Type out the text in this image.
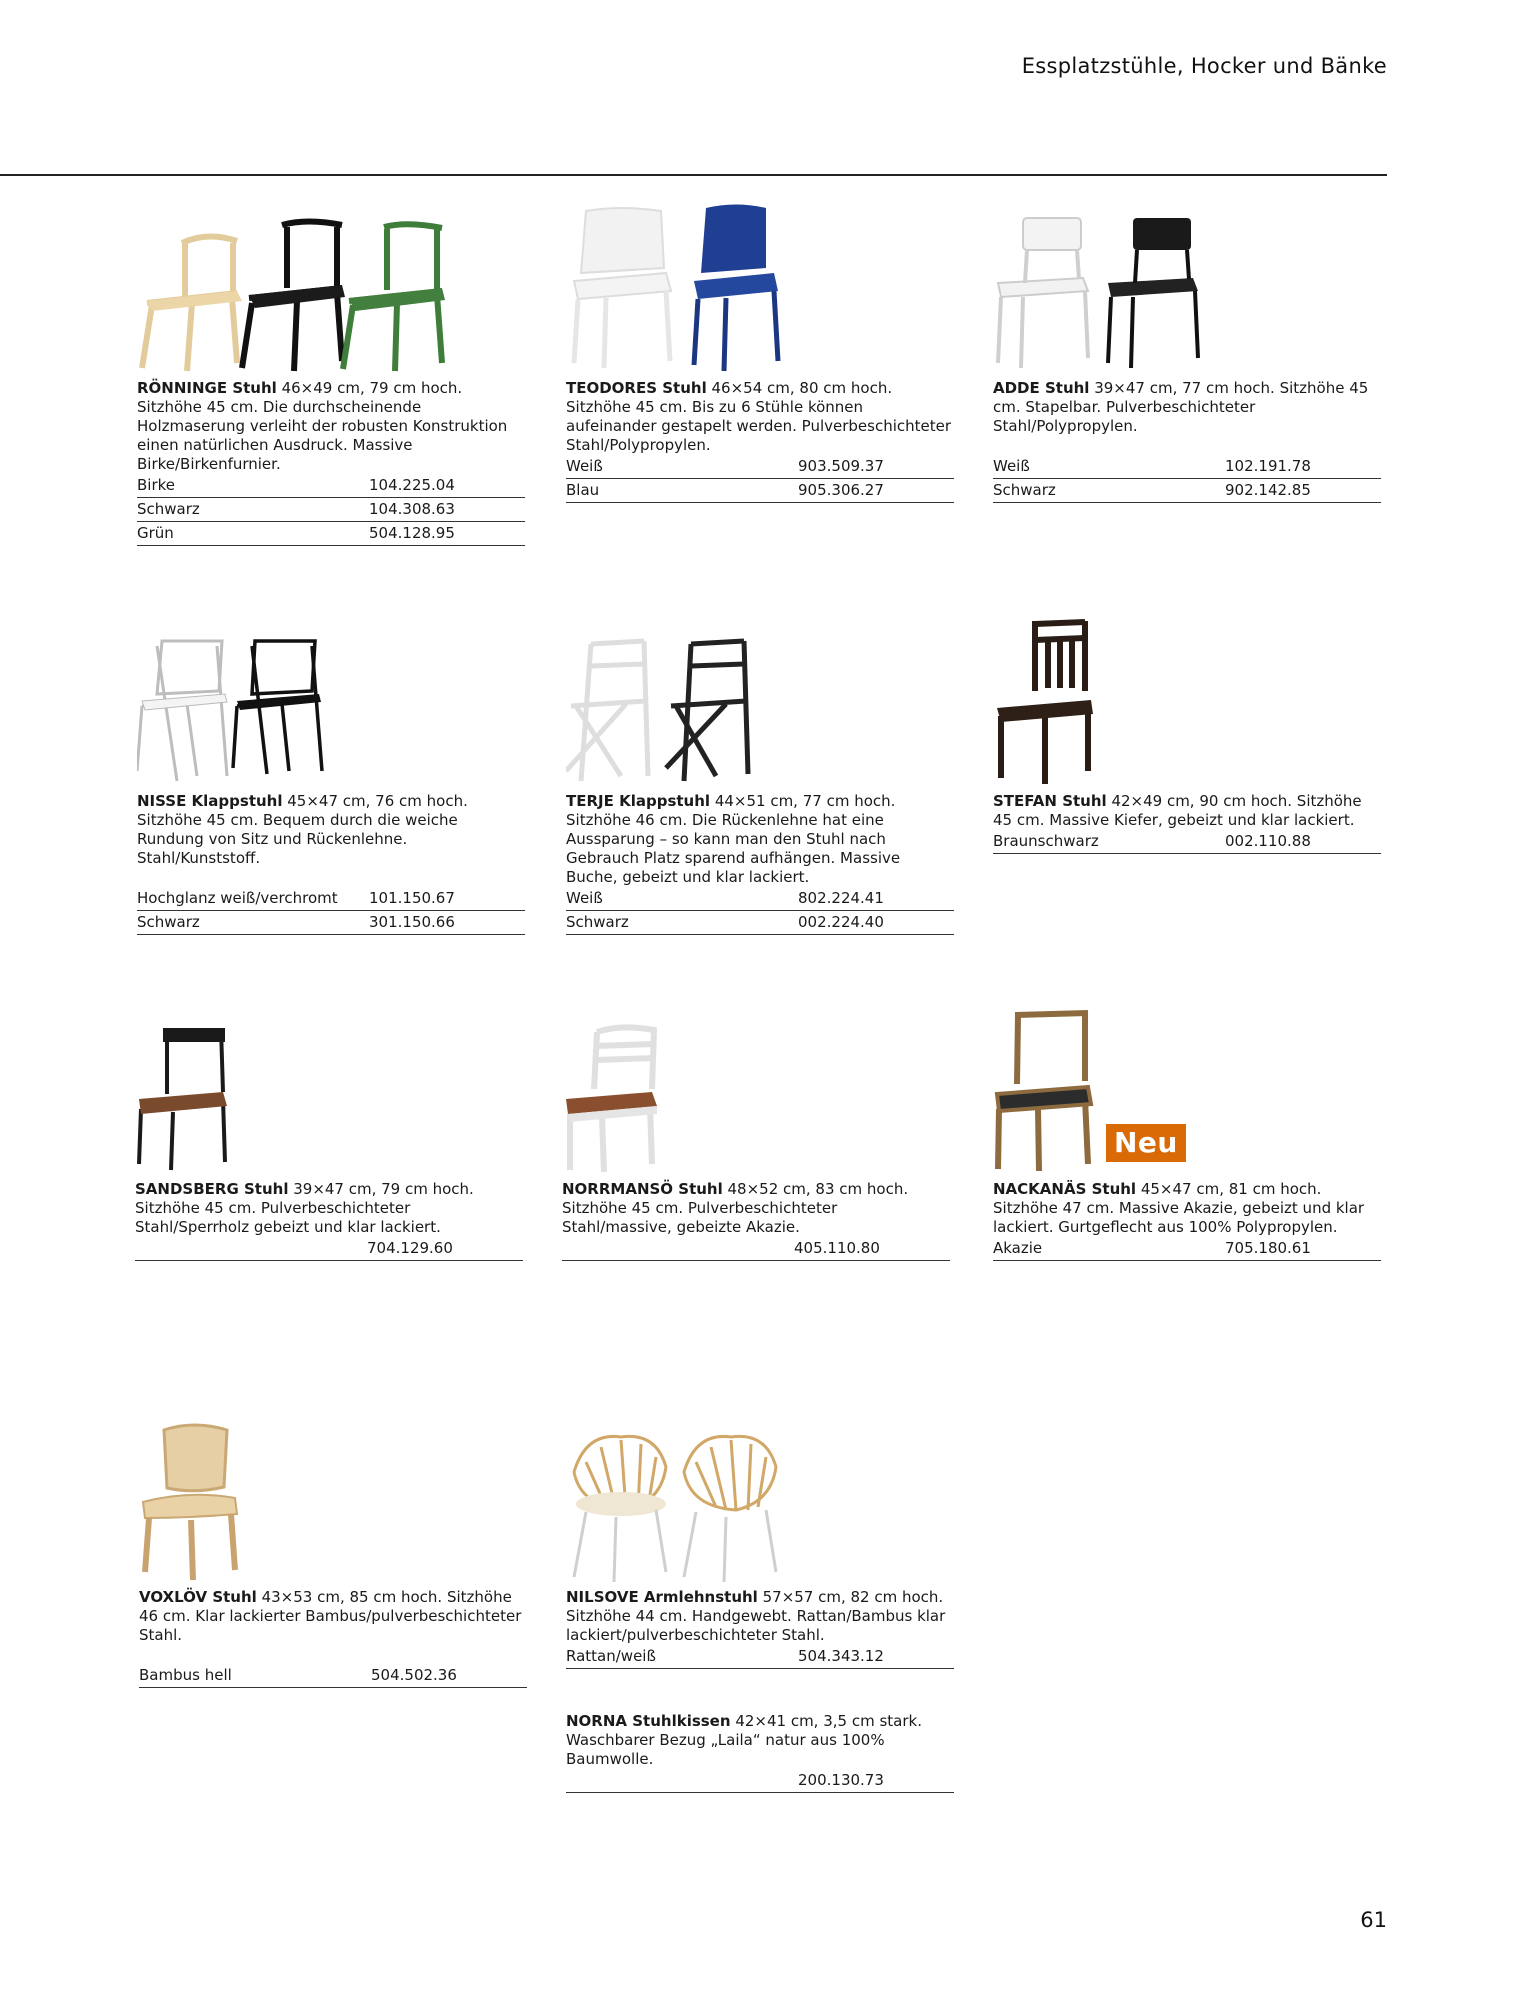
Essplatzstühle, Hocker und Bänke

RÖNNINGE Stuhl 46×49 cm, 79 cm hoch. Sitzhöhe 45 cm. Die durchscheinende Holzmaserung verleiht der robusten Konstruktion einen natürlichen Ausdruck. Massive Birke/Birkenfurnier.

Birke	104.225.04
Schwarz	104.308.63
Grün	504.128.95

TEODORES Stuhl 46×54 cm, 80 cm hoch. Sitzhöhe 45 cm. Bis zu 6 Stühle können aufeinander gestapelt werden. Pulverbeschichteter Stahl/Polypropylen.

Weiß	903.509.37
Blau	905.306.27

ADDE Stuhl 39×47 cm, 77 cm hoch. Sitzhöhe 45 cm. Stapelbar. Pulverbeschichteter Stahl/Polypropylen.

Weiß	102.191.78
Schwarz	902.142.85

NISSE Klappstuhl 45×47 cm, 76 cm hoch. Sitzhöhe 45 cm. Bequem durch die weiche Rundung von Sitz und Rückenlehne. Stahl/Kunststoff.

Hochglanz weiß/verchromt	101.150.67
Schwarz	301.150.66

TERJE Klappstuhl 44×51 cm, 77 cm hoch. Sitzhöhe 46 cm. Die Rückenlehne hat eine Aussparung – so kann man den Stuhl nach Gebrauch Platz sparend aufhängen. Massive Buche, gebeizt und klar lackiert.

Weiß	802.224.41
Schwarz	002.224.40

STEFAN Stuhl 42×49 cm, 90 cm hoch. Sitzhöhe 45 cm. Massive Kiefer, gebeizt und klar lackiert.

Braunschwarz	002.110.88

SANDSBERG Stuhl 39×47 cm, 79 cm hoch. Sitzhöhe 45 cm. Pulverbeschichteter Stahl/Sperrholz gebeizt und klar lackiert.

704.129.60

NORRMANSÖ Stuhl 48×52 cm, 83 cm hoch. Sitzhöhe 45 cm. Pulverbeschichteter Stahl/massive, gebeizte Akazie.

405.110.80
Neu

NACKANÄS Stuhl 45×47 cm, 81 cm hoch. Sitzhöhe 47 cm. Massive Akazie, gebeizt und klar lackiert. Gurtgeflecht aus 100% Polypropylen.

Akazie	705.180.61

VOXLÖV Stuhl 43×53 cm, 85 cm hoch. Sitzhöhe 46 cm. Klar lackierter Bambus/pulverbeschichteter Stahl.

Bambus hell	504.502.36

NILSOVE Armlehnstuhl 57×57 cm, 82 cm hoch. Sitzhöhe 44 cm. Handgewebt. Rattan/Bambus klar lackiert/pulverbeschichteter Stahl.

Rattan/weiß	504.343.12

NORNA Stuhlkissen 42×41 cm, 3,5 cm stark. Waschbarer Bezug „Laila“ natur aus 100% Baumwolle.

200.130.73
61
